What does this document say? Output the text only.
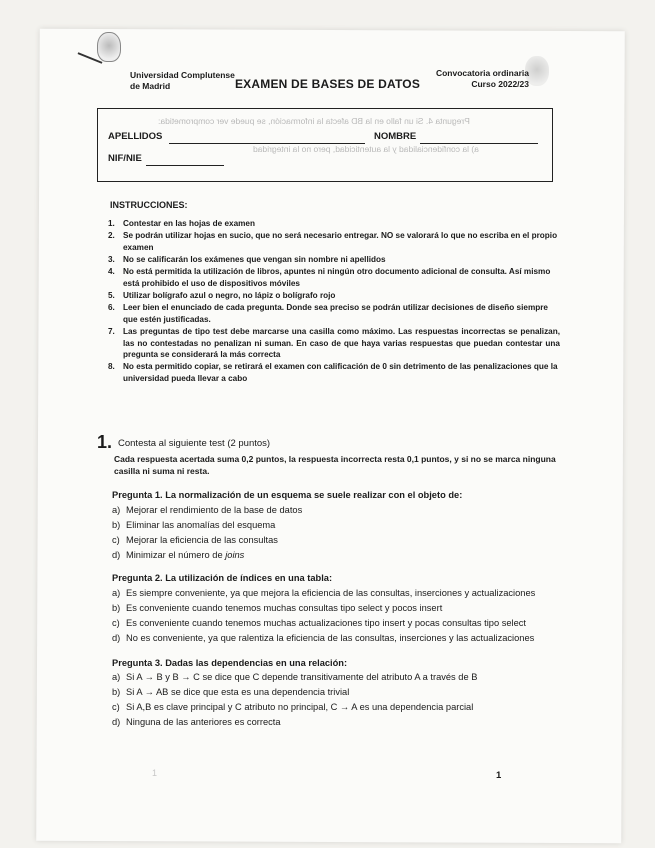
Universidad Complutense
de Madrid	EXAMEN DE BASES DE DATOS
Convocatoria ordinaria
Curso 2022/23
Pregunta 4. Si un fallo en la BD afecta la información, se puede ver comprometida:
a) la confidencialidad y la autenticidad, pero no la integridad
APELLIDOS	NOMBRE
NIF/NIE
INSTRUCCIONES:
1. Contestar en las hojas de examen
2. Se podrán utilizar hojas en sucio, que no será necesario entregar. NO se valorará lo que no escriba en el propio examen
3. No se calificarán los exámenes que vengan sin nombre ni apellidos
4. No está permitida la utilización de libros, apuntes ni ningún otro documento adicional de consulta. Así mismo está prohibido el uso de dispositivos móviles
5. Utilizar bolígrafo azul o negro, no lápiz o bolígrafo rojo
6. Leer bien el enunciado de cada pregunta. Donde sea preciso se podrán utilizar decisiones de diseño siempre que estén justificadas.
7. Las preguntas de tipo test debe marcarse una casilla como máximo. Las respuestas incorrectas se penalizan, las no contestadas no penalizan ni suman. En caso de que haya varias respuestas que puedan contestar una pregunta se considerará la más correcta
8. No esta permitido copiar, se retirará el examen con calificación de 0 sin detrimento de las penalizaciones que la universidad pueda llevar a cabo
1. Contesta al siguiente test (2 puntos)
Cada respuesta acertada suma 0,2 puntos, la respuesta incorrecta resta 0,1 puntos, y si no se marca ninguna casilla ni suma ni resta.
Pregunta 1. La normalización de un esquema se suele realizar con el objeto de:
a) Mejorar el rendimiento de la base de datos
b) Eliminar las anomalías del esquema
c) Mejorar la eficiencia de las consultas
d) Minimizar el número de joins
Pregunta 2. La utilización de índices en una tabla:
a) Es siempre conveniente, ya que mejora la eficiencia de las consultas, inserciones y actualizaciones
b) Es conveniente cuando tenemos muchas consultas tipo select y pocos insert
c) Es conveniente cuando tenemos muchas actualizaciones tipo insert y pocas consultas tipo select
d) No es conveniente, ya que ralentiza la eficiencia de las consultas, inserciones y las actualizaciones
Pregunta 3. Dadas las dependencias en una relación:
a) Si A → B y B → C se dice que C depende transitivamente del atributo A a través de B
b) Si A → AB se dice que esta es una dependencia trivial
c) Si A,B es clave principal y C atributo no principal, C → A es una dependencia parcial
d) Ninguna de las anteriores es correcta
1	1
